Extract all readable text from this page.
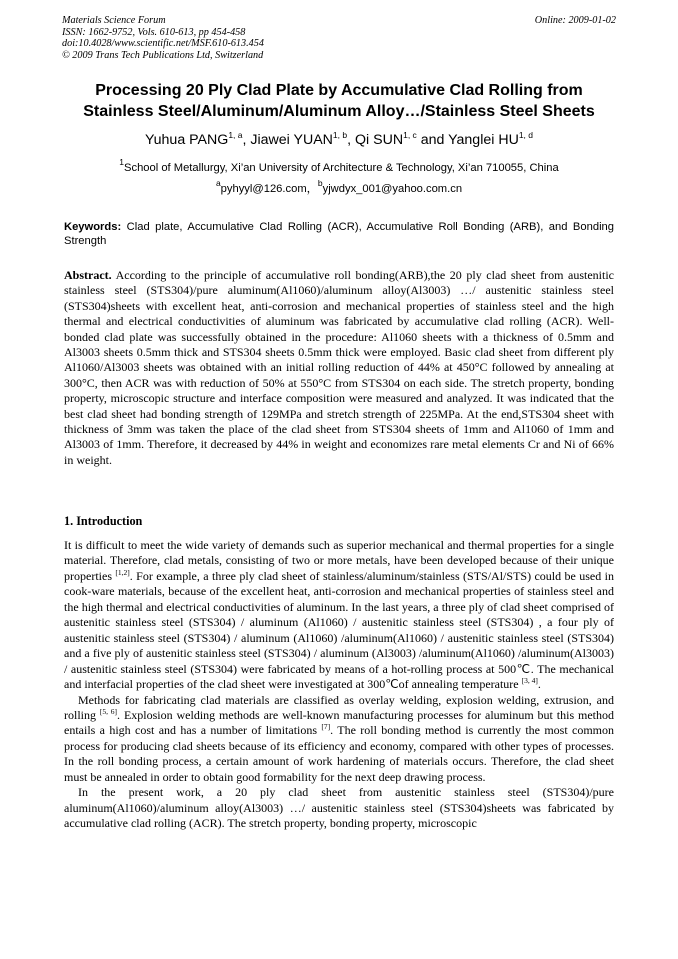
Materials Science Forum
ISSN: 1662-9752, Vols. 610-613, pp 454-458
doi:10.4028/www.scientific.net/MSF.610-613.454
© 2009 Trans Tech Publications Ltd, Switzerland
Online: 2009-01-02
Processing 20 Ply Clad Plate by Accumulative Clad Rolling from
Stainless Steel/Aluminum/Aluminum Alloy…/Stainless Steel Sheets
Yuhua PANG$^{1, a}$, Jiawei YUAN$^{1, b}$, Qi SUN$^{1, c}$ and Yanglei HU$^{1, d}$
$^1$School of Metallurgy, Xi’an University of Architecture & Technology, Xi’an 710055, China
$^a$pyhyyl@126.com，$^b$yjwdyx_001@yahoo.com.cn
Keywords: Clad plate, Accumulative Clad Rolling (ACR), Accumulative Roll Bonding (ARB), and Bonding Strength
Abstract. According to the principle of accumulative roll bonding(ARB),the 20 ply clad sheet from austenitic stainless steel (STS304)/pure aluminum(Al1060)/aluminum alloy(Al3003) …/ austenitic stainless steel (STS304)sheets with excellent heat, anti-corrosion and mechanical properties of stainless steel and the high thermal and electrical conductivities of aluminum was fabricated by accumulative clad rolling (ACR). Well-bonded clad plate was successfully obtained in the procedure: Al1060 sheets with a thickness of 0.5mm and Al3003 sheets 0.5mm thick and STS304 sheets 0.5mm thick were employed. Basic clad sheet from different ply Al1060/Al3003 sheets was obtained with an initial rolling reduction of 44% at 450°C followed by annealing at 300°C, then ACR was with reduction of 50% at 550°C from STS304 on each side. The stretch property, bonding property, microscopic structure and interface composition were measured and analyzed. It was indicated that the best clad sheet had bonding strength of 129MPa and stretch strength of 225MPa. At the end,STS304 sheet with thickness of 3mm was taken the place of the clad sheet from STS304 sheets of 1mm and Al1060 of 1mm and Al3003 of 1mm. Therefore, it decreased by 44% in weight and economizes rare metal elements Cr and Ni of 66% in weight.
1. Introduction

It is difficult to meet the wide variety of demands such as superior mechanical and thermal properties for a single material. Therefore, clad metals, consisting of two or more metals, have been developed because of their unique properties [1,2]. For example, a three ply clad sheet of stainless/aluminum/stainless (STS/Al/STS) could be used in cook-ware materials, because of the excellent heat, anti-corrosion and mechanical properties of stainless steel and the high thermal and electrical conductivities of aluminum. In the last years, a three ply of clad sheet comprised of austenitic stainless steel (STS304) / aluminum (Al1060) / austenitic stainless steel (STS304) , a four ply of austenitic stainless steel (STS304) / aluminum (Al1060) /aluminum(Al1060) / austenitic stainless steel (STS304) and a five ply of austenitic stainless steel (STS304) / aluminum (Al3003) /aluminum(Al1060) /aluminum(Al3003) / austenitic stainless steel (STS304) were fabricated by means of a hot-rolling process at 500℃. The mechanical and interfacial properties of the clad sheet were investigated at 300℃of annealing temperature [3, 4].

Methods for fabricating clad materials are classified as overlay welding, explosion welding, extrusion, and rolling [5, 6]. Explosion welding methods are well-known manufacturing processes for aluminum but this method entails a high cost and has a number of limitations [7]. The roll bonding method is currently the most common process for producing clad sheets because of its efficiency and economy, compared with other types of processes. In the roll bonding process, a certain amount of work hardening of materials occurs. Therefore, the clad sheet must be annealed in order to obtain good formability for the next deep drawing process.

In the present work, a 20 ply clad sheet from austenitic stainless steel (STS304)/pure aluminum(Al1060)/aluminum alloy(Al3003) …/ austenitic stainless steel (STS304)sheets was fabricated by accumulative clad rolling (ACR). The stretch property, bonding property, microscopic
